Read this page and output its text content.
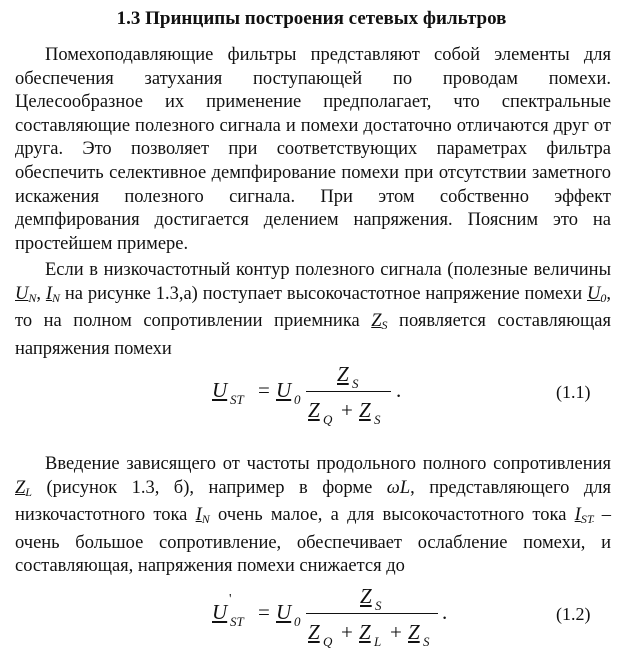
1.3 Принципы построения сетевых фильтров

Помехоподавляющие фильтры представляют собой элементы для обеспечения затухания поступающей по проводам помехи. Целесообразное их применение предполагает, что спектральные составляющие полезного сигнала и помехи достаточно отличаются друг от друга. Это позволяет при соответствующих параметрах фильтра обеспечить селективное демпфирование помехи при отсутствии заметного искажения полезного сигнала. При этом собственно эффект демпфирования достигается делением напряжения. Поясним это на простейшем примере.

Если в низкочастотный контур полезного сигнала (полезные величины UN, IN на рисунке 1.3,а) поступает высокочастотное напряжение помехи U0, то на полном сопротивлении приемника ZS появляется составляющая напряжения помехи

U ST = U 0
Z S
Z Q + Z S
.	(1.1)

Введение зависящего от частоты продольного полного сопротивления ZL (рисунок 1.3, б), например в форме ωL, представляющего для низкочастотного тока IN очень малое, а для высокочастотного тока IST – очень большое сопротивление, обеспечивает ослабление помехи, и составляющая, напряжения помехи снижается до

U
'
ST = U 0
Z S
Z Q + Z L + Z S
.	(1.2)
